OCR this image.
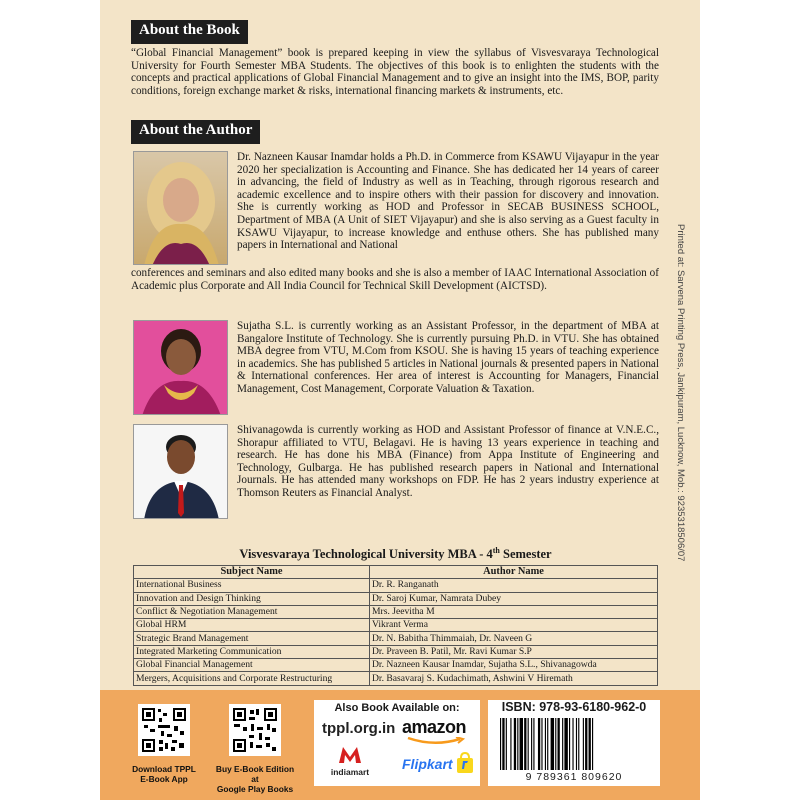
Printed at: Sarvena Printing Press, Jankipuram, Lucknow, Mob.: 9235318506/07
About the Book
“Global Financial Management” book is prepared keeping in view the syllabus of Visvesvaraya Technological University for Fourth Semester MBA Students. The objectives of this book is to enlighten the students with the concepts and practical applications of Global Financial Management and to give an insight into the IMS, BOP, parity conditions, foreign exchange market & risks, international financing markets & instruments, etc.
About the Author
Dr. Nazneen Kausar Inamdar holds a Ph.D. in Commerce from KSAWU Vijayapur in the year 2020 her specialization is Accounting and Finance. She has dedicated her 14 years of career in advancing, the field of Industry as well as in Teaching, through rigorous research and academic excellence and to inspire others with their passion for discovery and innovation. She is currently working as HOD and Professor in SECAB BUSINESS SCHOOL, Department of MBA (A Unit of SIET Vijayapur) and she is also serving as a Guest faculty in KSAWU Vijayapur, to increase knowledge and enthuse others. She has published many papers in International and National
conferences and seminars and also edited many books and she is also a member of IAAC International Association of Academic plus Corporate and All India Council for Technical Skill Development (AICTSD).
Sujatha S.L. is currently working as an Assistant Professor, in the department of MBA at Bangalore Institute of Technology. She is currently pursuing Ph.D. in VTU. She has obtained MBA degree from VTU, M.Com from KSOU. She is having 15 years of teaching experience in academics. She has published 5 articles in National journals & presented papers in National & International conferences. Her area of interest is Accounting for Managers, Financial Management, Cost Management, Corporate Valuation & Taxation.
Shivanagowda is currently working as HOD and Assistant Professor of finance at V.N.E.C., Shorapur affiliated to VTU, Belagavi. He is having 13 years experience in teaching and research. He has done his MBA (Finance) from Appa Institute of Engineering and Technology, Gulbarga. He has published research papers in National and International Journals. He has attended many workshops on FDP. He has 2 years industry experience at Thomson Reuters as Financial Analyst.
Visvesvaraya Technological University MBA - 4th Semester
Subject Name	Author Name
International Business	Dr. R. Ranganath
Innovation and Design Thinking	Dr. Saroj Kumar, Namrata Dubey
Conflict & Negotiation Management	Mrs. Jeevitha M
Global HRM	Vikrant Verma
Strategic Brand Management	Dr. N. Babitha Thimmaiah, Dr. Naveen G
Integrated Marketing Communication	Dr. Praveen B. Patil, Mr. Ravi Kumar S.P
Global Financial Management	Dr. Nazneen Kausar Inamdar, Sujatha S.L., Shivanagowda
Mergers, Acquisitions and Corporate Restructuring	Dr. Basavaraj S. Kudachimath, Ashwini V Hiremath
Download TPPL
E-Book App
Buy E-Book Edition at
Google Play Books
Also Book Available on:
tppl.org.in amazon
indiamart Flipkart
ISBN: 978-93-6180-962-0
9 789361 809620
